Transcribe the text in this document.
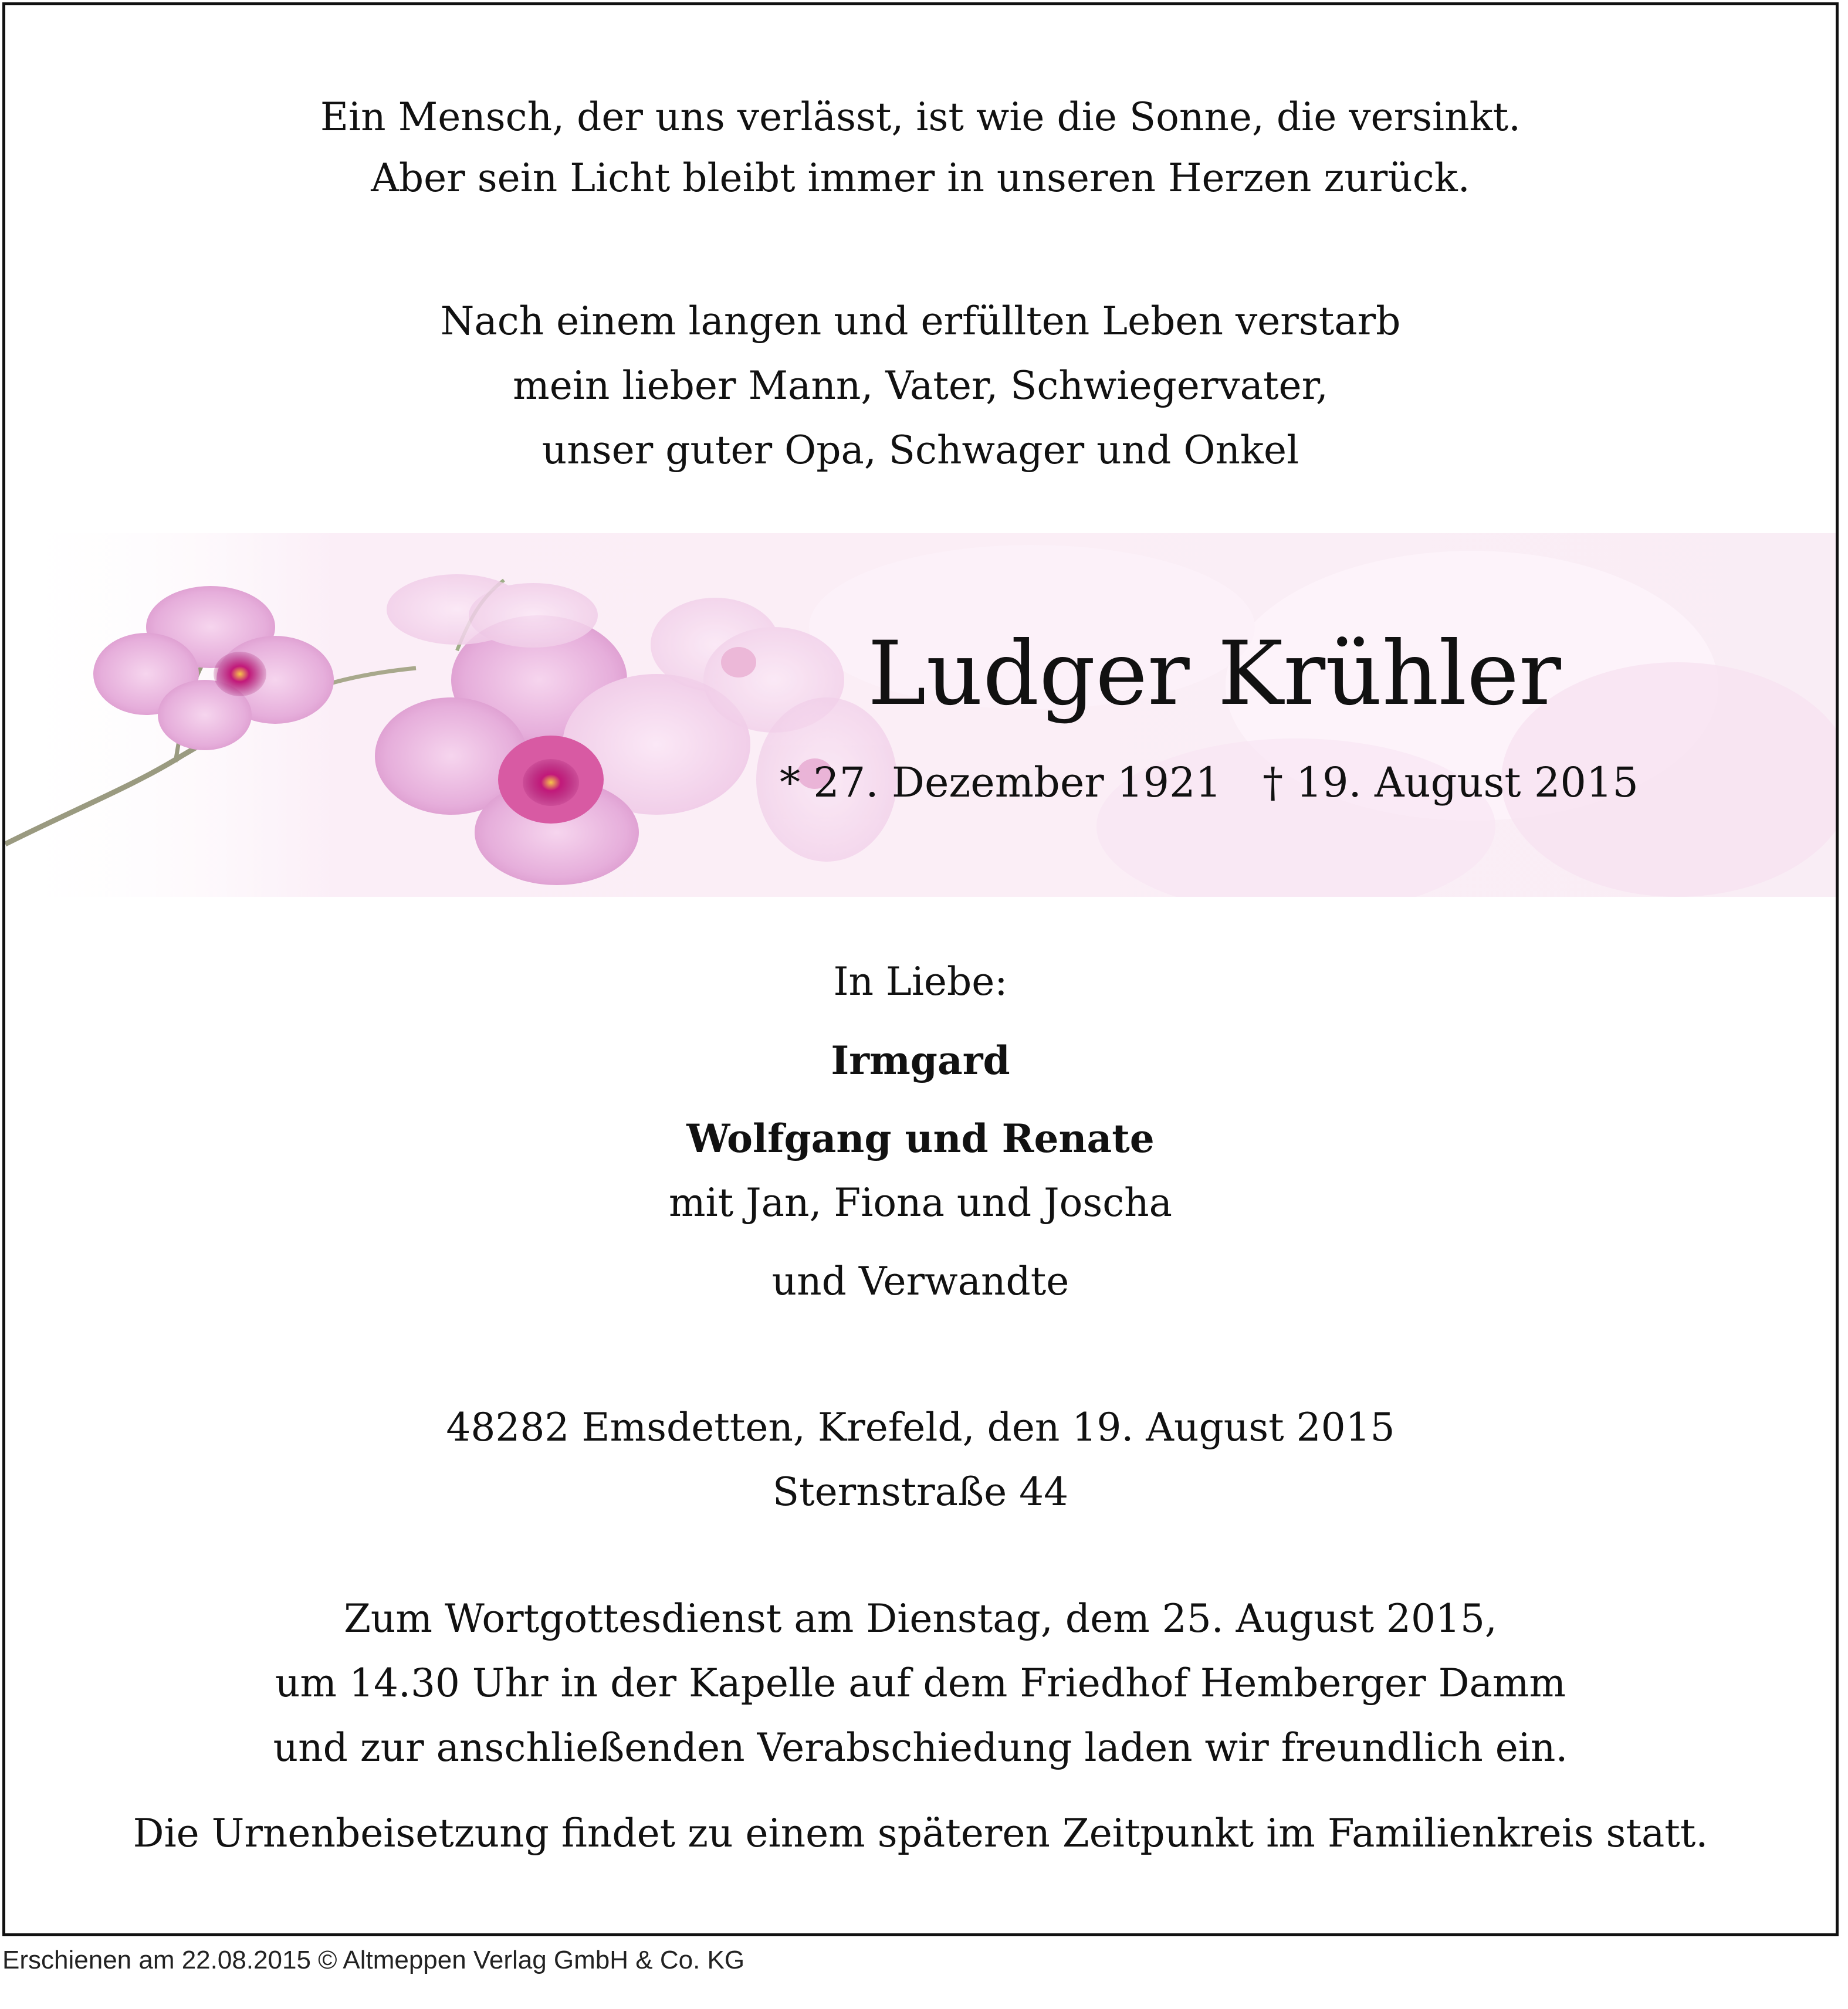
Ein Mensch, der uns verlässt, ist wie die Sonne, die versinkt.
Aber sein Licht bleibt immer in unseren Herzen zurück.
Nach einem langen und erfüllten Leben verstarb
mein lieber Mann, Vater, Schwiegervater,
unser guter Opa, Schwager und Onkel
Ludger Krühler
* 27. Dezember 1921 † 19. August 2015
In Liebe:
Irmgard
Wolfgang und Renate
mit Jan, Fiona und Joscha
und Verwandte
48282 Emsdetten, Krefeld, den 19. August 2015
Sternstraße 44
Zum Wortgottesdienst am Dienstag, dem 25. August 2015,
um 14.30 Uhr in der Kapelle auf dem Friedhof Hemberger Damm
und zur anschließenden Verabschiedung laden wir freundlich ein.
Die Urnenbeisetzung findet zu einem späteren Zeitpunkt im Familienkreis statt.
Erschienen am 22.08.2015 © Altmeppen Verlag GmbH & Co. KG
